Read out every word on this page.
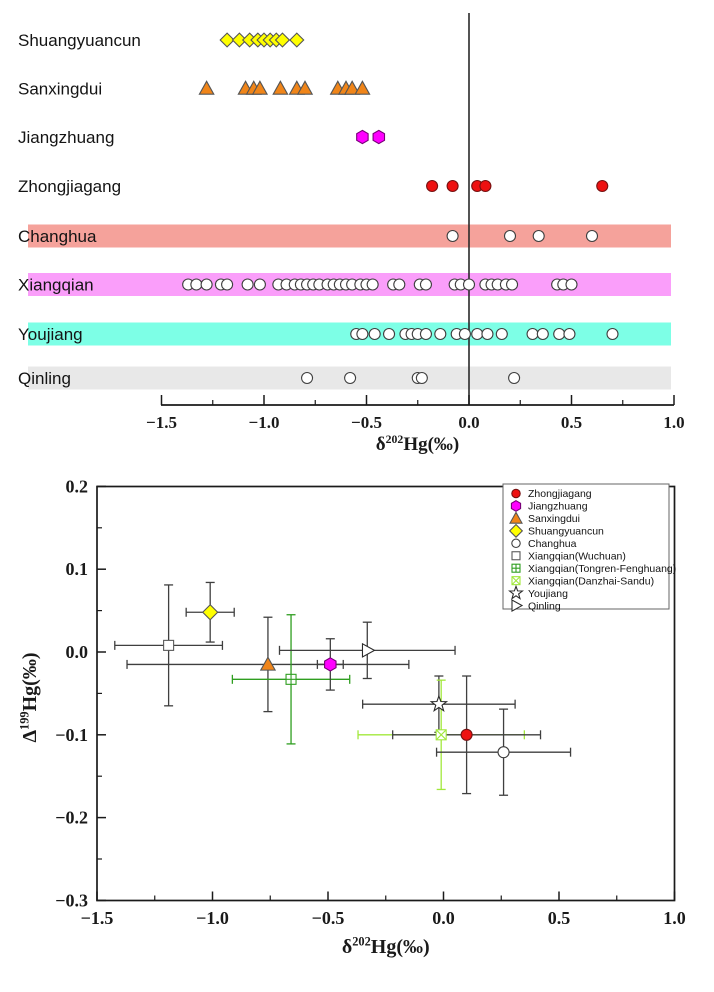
−1.5	−1.0	−0.5	0.0	0.5	1.0
$\delta^{202}Hg(‰)$
Shuangyuancun
Sanxingdui
Jiangzhuang
Zhongjiagang
Changhua
Xiangqian
Youjiang
Qinling
−1.5	−1.0	−0.5	0.0	0.5	1.0
0.2
0.1
0.0
−0.1
−0.2
−0.3
$\delta^{202}Hg(‰)$
$\Delta^{199}Hg(‰)$
Zhongjiagang
Jiangzhuang
Sanxingdui
Shuangyuancun
Changhua
Xiangqian(Wuchuan)
Xiangqian(Tongren-Fenghuang)
Xiangqian(Danzhai-Sandu)
Youjiang
Qinling
